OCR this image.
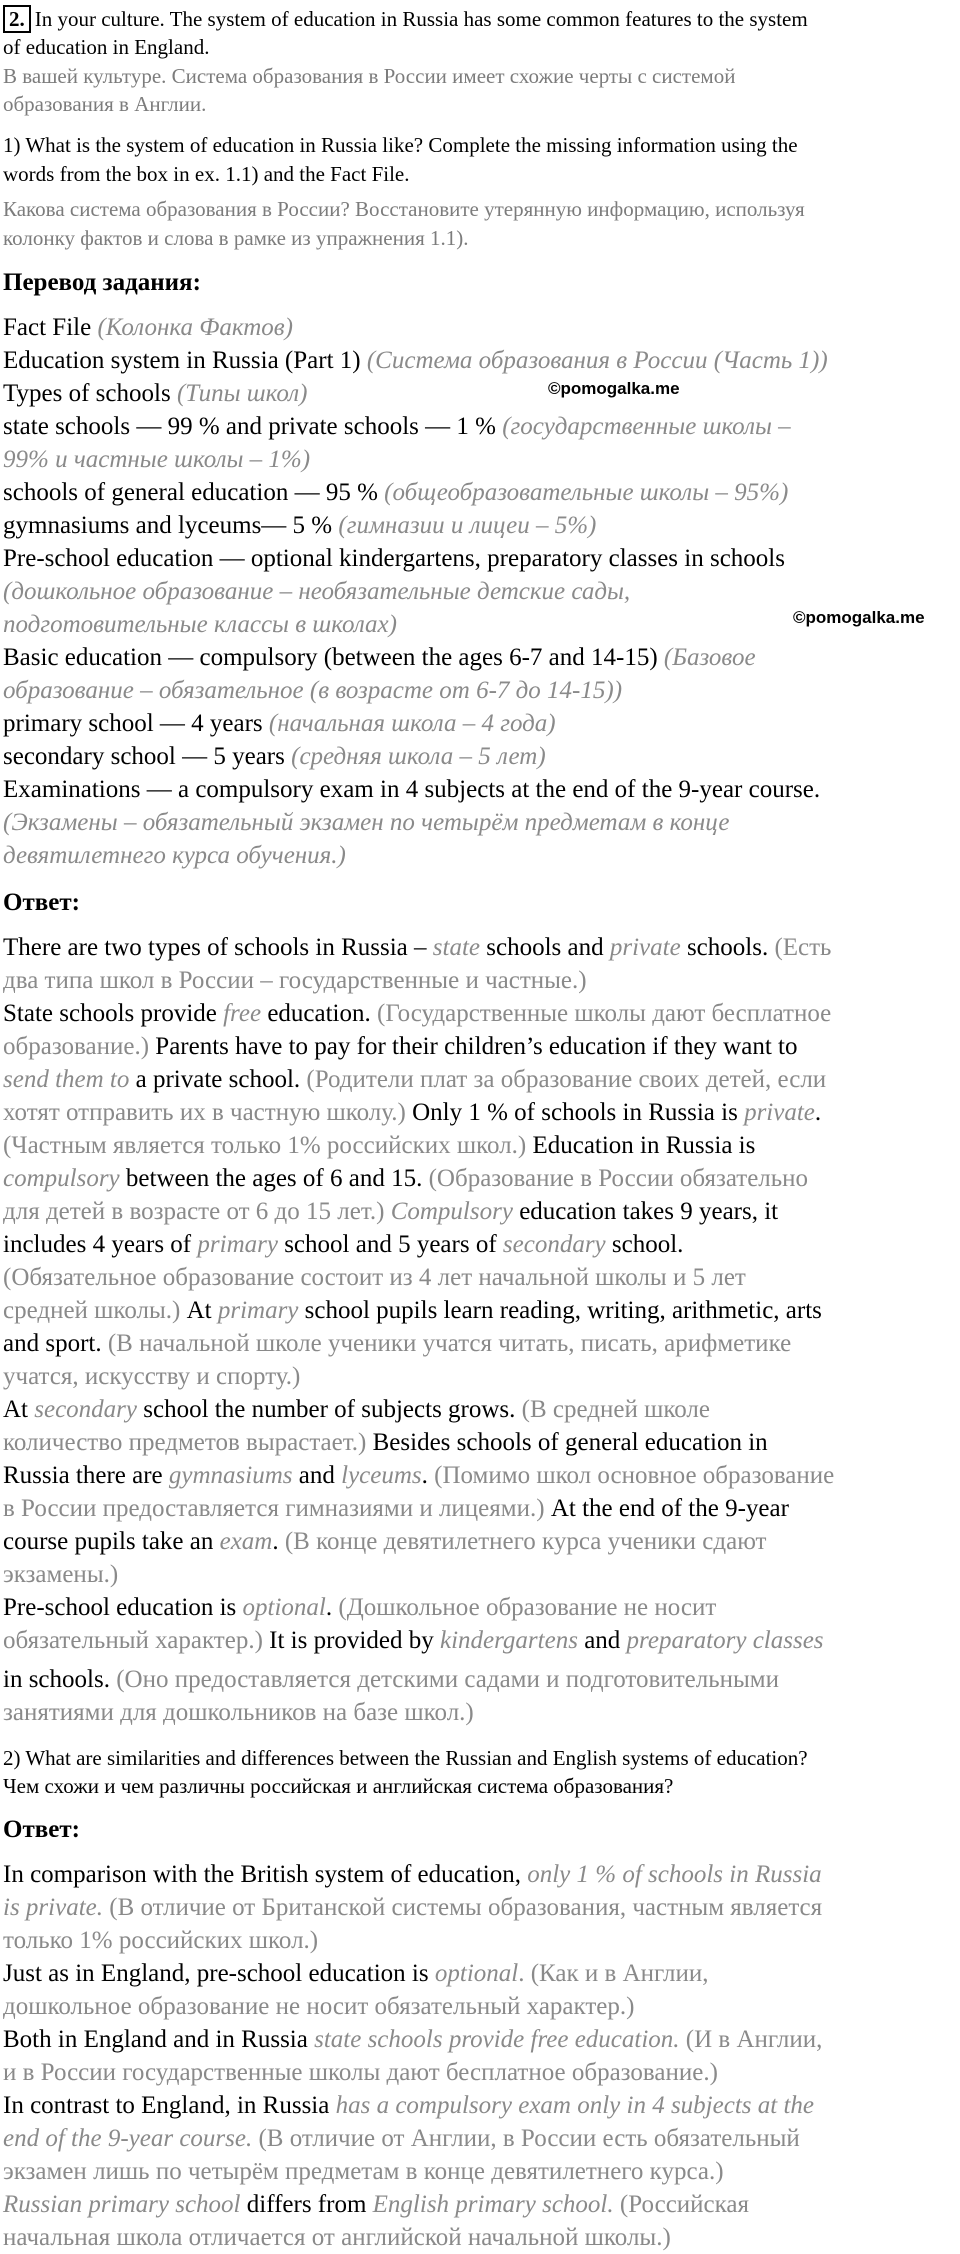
начальная школа отличается от английской начальной школы.)
Russian primary school differs from English primary school. (Российская
экзамен лишь по четырём предметам в конце девятилетнего курса.)
end of the 9-year course. (В отличие от Англии, в России есть обязательный
In contrast to England, in Russia has a compulsory exam only in 4 subjects at the
и в России государственные школы дают бесплатное образование.)
Both in England and in Russia state schools provide free education. (И в Англии,
дошкольное образование не носит обязательный характер.)
Just as in England, pre-school education is optional. (Как и в Англии,
только 1% российских школ.)
is private. (В отличие от Британской системы образования, частным является
In comparison with the British system of education, only 1 % of schools in Russia
Ответ:
Чем схожи и чем различны российская и английская система образования?
2) What are similarities and differences between the Russian and English systems of education?
занятиями для дошкольников на базе школ.)
in schools. (Оно предоставляется детскими садами и подготовительными
обязательный характер.) It is provided by kindergartens and preparatory classes
Pre-school education is optional. (Дошкольное образование не носит
экзамены.)
course pupils take an exam. (В конце девятилетнего курса ученики сдают
в России предоставляется гимназиями и лицеями.) At the end of the 9-year
Russia there are gymnasiums and lyceums. (Помимо школ основное образование
количество предметов вырастает.) Besides schools of general education in
At secondary school the number of subjects grows. (В средней школе
учатся, искусству и спорту.)
and sport. (В начальной школе ученики учатся читать, писать, арифметике
средней школы.) At primary school pupils learn reading, writing, arithmetic, arts
(Обязательное образование состоит из 4 лет начальной школы и 5 лет
includes 4 years of primary school and 5 years of secondary school.
для детей в возрасте от 6 до 15 лет.) Compulsory education takes 9 years, it
compulsory between the ages of 6 and 15. (Образование в России обязательно
(Частным является только 1% российских школ.) Education in Russia is
хотят отправить их в частную школу.) Only 1 % of schools in Russia is private.
send them to a private school. (Родители плат за образование своих детей, если
образование.) Parents have to pay for their children’s education if they want to
State schools provide free education. (Государственные школы дают бесплатное
два типа школ в России – государственные и частные.)
There are two types of schools in Russia – state schools and private schools. (Есть
Ответ:
девятилетнего курса обучения.)
(Экзамены – обязательный экзамен по четырём предметам в конце
Examinations — a compulsory exam in 4 subjects at the end of the 9-year course.
secondary school — 5 years (средняя школа – 5 лет)
primary school — 4 years (начальная школа – 4 года)
образование – обязательное (в возрасте от 6-7 до 14-15))
Basic education — compulsory (between the ages 6-7 and 14-15) (Базовое
подготовительные классы в школах)
(дошкольное образование – необязательные детские сады,
Pre-school education — optional kindergartens, preparatory classes in schools
gymnasiums and lyceums— 5 % (гимназии и лицеи – 5%)
schools of general education — 95 % (общеобразовательные школы – 95%)
99% и частные школы – 1%)
state schools — 99 % and private schools — 1 % (государственные школы –
Types of schools (Типы школ)
Education system in Russia (Part 1) (Система образования в России (Часть 1))
Fact File (Колонка Фактов)
Перевод задания:
колонку фактов и слова в рамке из упражнения 1.1).
Какова система образования в России? Восстановите утерянную информацию, используя
words from the box in ex. 1.1) and the Fact File.
1) What is the system of education in Russia like? Complete the missing information using the
образования в Англии.
В вашей культуре. Система образования в России имеет схожие черты с системой
of education in England.
2. In your culture. The system of education in Russia has some common features to the system
©pomogalka.me
©pomogalka.me
